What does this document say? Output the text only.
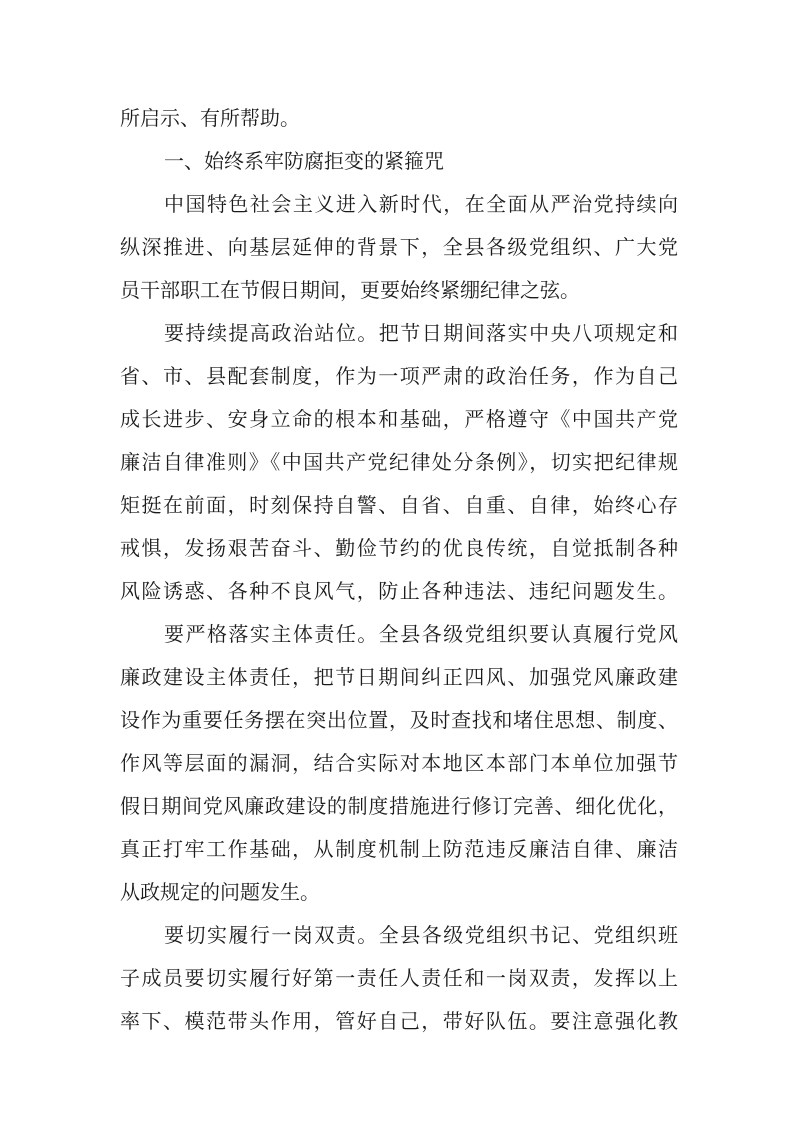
所启示、有所帮助。

一、始终系牢防腐拒变的紧箍咒

中国特色社会主义进入新时代，在全面从严治党持续向

纵深推进、向基层延伸的背景下，全县各级党组织、广大党

员干部职工在节假日期间，更要始终紧绷纪律之弦。

要持续提高政治站位。把节日期间落实中央八项规定和

省、市、县配套制度，作为一项严肃的政治任务，作为自己

成长进步、安身立命的根本和基础，严格遵守《中国共产党

廉洁自律准则》《中国共产党纪律处分条例》，切实把纪律规

矩挺在前面，时刻保持自警、自省、自重、自律，始终心存

戒惧，发扬艰苦奋斗、勤俭节约的优良传统，自觉抵制各种

风险诱惑、各种不良风气，防止各种违法、违纪问题发生。

要严格落实主体责任。全县各级党组织要认真履行党风

廉政建设主体责任，把节日期间纠正四风、加强党风廉政建

设作为重要任务摆在突出位置，及时查找和堵住思想、制度、

作风等层面的漏洞，结合实际对本地区本部门本单位加强节

假日期间党风廉政建设的制度措施进行修订完善、细化优化，

真正打牢工作基础，从制度机制上防范违反廉洁自律、廉洁

从政规定的问题发生。

要切实履行一岗双责。全县各级党组织书记、党组织班

子成员要切实履行好第一责任人责任和一岗双责，发挥以上

率下、模范带头作用，管好自己，带好队伍。要注意强化教
